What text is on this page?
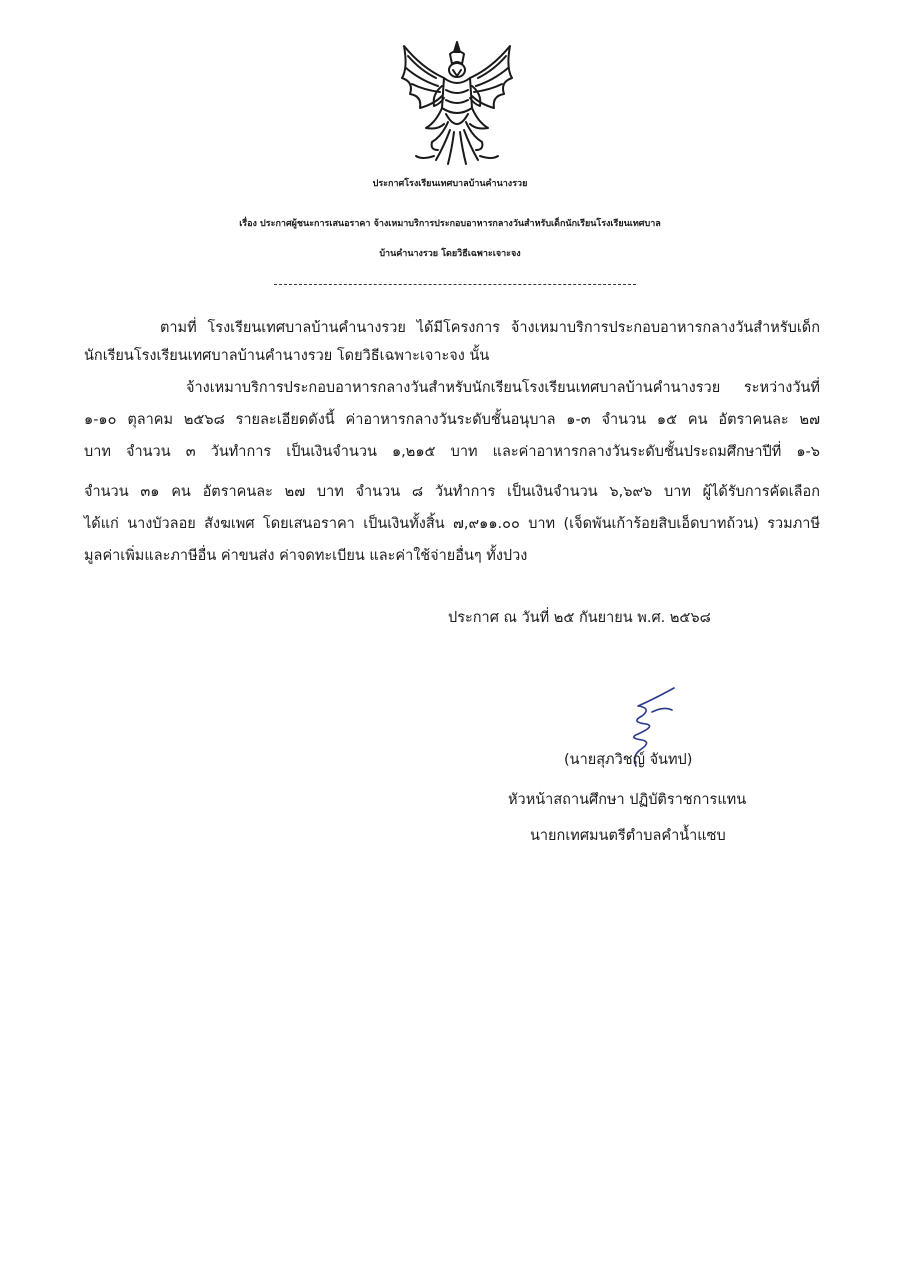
ประกาศโรงเรียนเทศบาลบ้านคำนางรวย
เรื่อง ประกาศผู้ชนะการเสนอราคา จ้างเหมาบริการประกอบอาหารกลางวันสำหรับเด็กนักเรียนโรงเรียนเทศบาล
บ้านคำนางรวย โดยวิธีเฉพาะเจาะจง
ตามที่ โรงเรียนเทศบาลบ้านคำนางรวย ได้มีโครงการ จ้างเหมาบริการประกอบอาหารกลางวันสำหรับเด็ก
นักเรียนโรงเรียนเทศบาลบ้านคำนางรวย โดยวิธีเฉพาะเจาะจง นั้น
จ้างเหมาบริการประกอบอาหารกลางวันสำหรับนักเรียนโรงเรียนเทศบาลบ้านคำนางรวย ระหว่างวันที่
๑-๑๐ ตุลาคม ๒๕๖๘ รายละเอียดดังนี้ ค่าอาหารกลางวันระดับชั้นอนุบาล ๑-๓ จำนวน ๑๕ คน อัตราคนละ ๒๗
บาท จำนวน ๓ วันทำการ เป็นเงินจำนวน ๑,๒๑๕ บาท และค่าอาหารกลางวันระดับชั้นประถมศึกษาปีที่ ๑-๖
จำนวน ๓๑ คน อัตราคนละ ๒๗ บาท จำนวน ๘ วันทำการ เป็นเงินจำนวน ๖,๖๙๖ บาท ผู้ได้รับการคัดเลือก
ได้แก่ นางบัวลอย สังฆเพศ โดยเสนอราคา เป็นเงินทั้งสิ้น ๗,๙๑๑.๐๐ บาท (เจ็ดพันเก้าร้อยสิบเอ็ดบาทถ้วน) รวมภาษี
มูลค่าเพิ่มและภาษีอื่น ค่าขนส่ง ค่าจดทะเบียน และค่าใช้จ่ายอื่นๆ ทั้งปวง
ประกาศ ณ วันที่ ๒๕ กันยายน พ.ศ. ๒๕๖๘
(นายสุภวิชญ์ จันทป)
หัวหน้าสถานศึกษา ปฏิบัติราชการแทน
นายกเทศมนตรีตำบลคำน้ำแซบ
